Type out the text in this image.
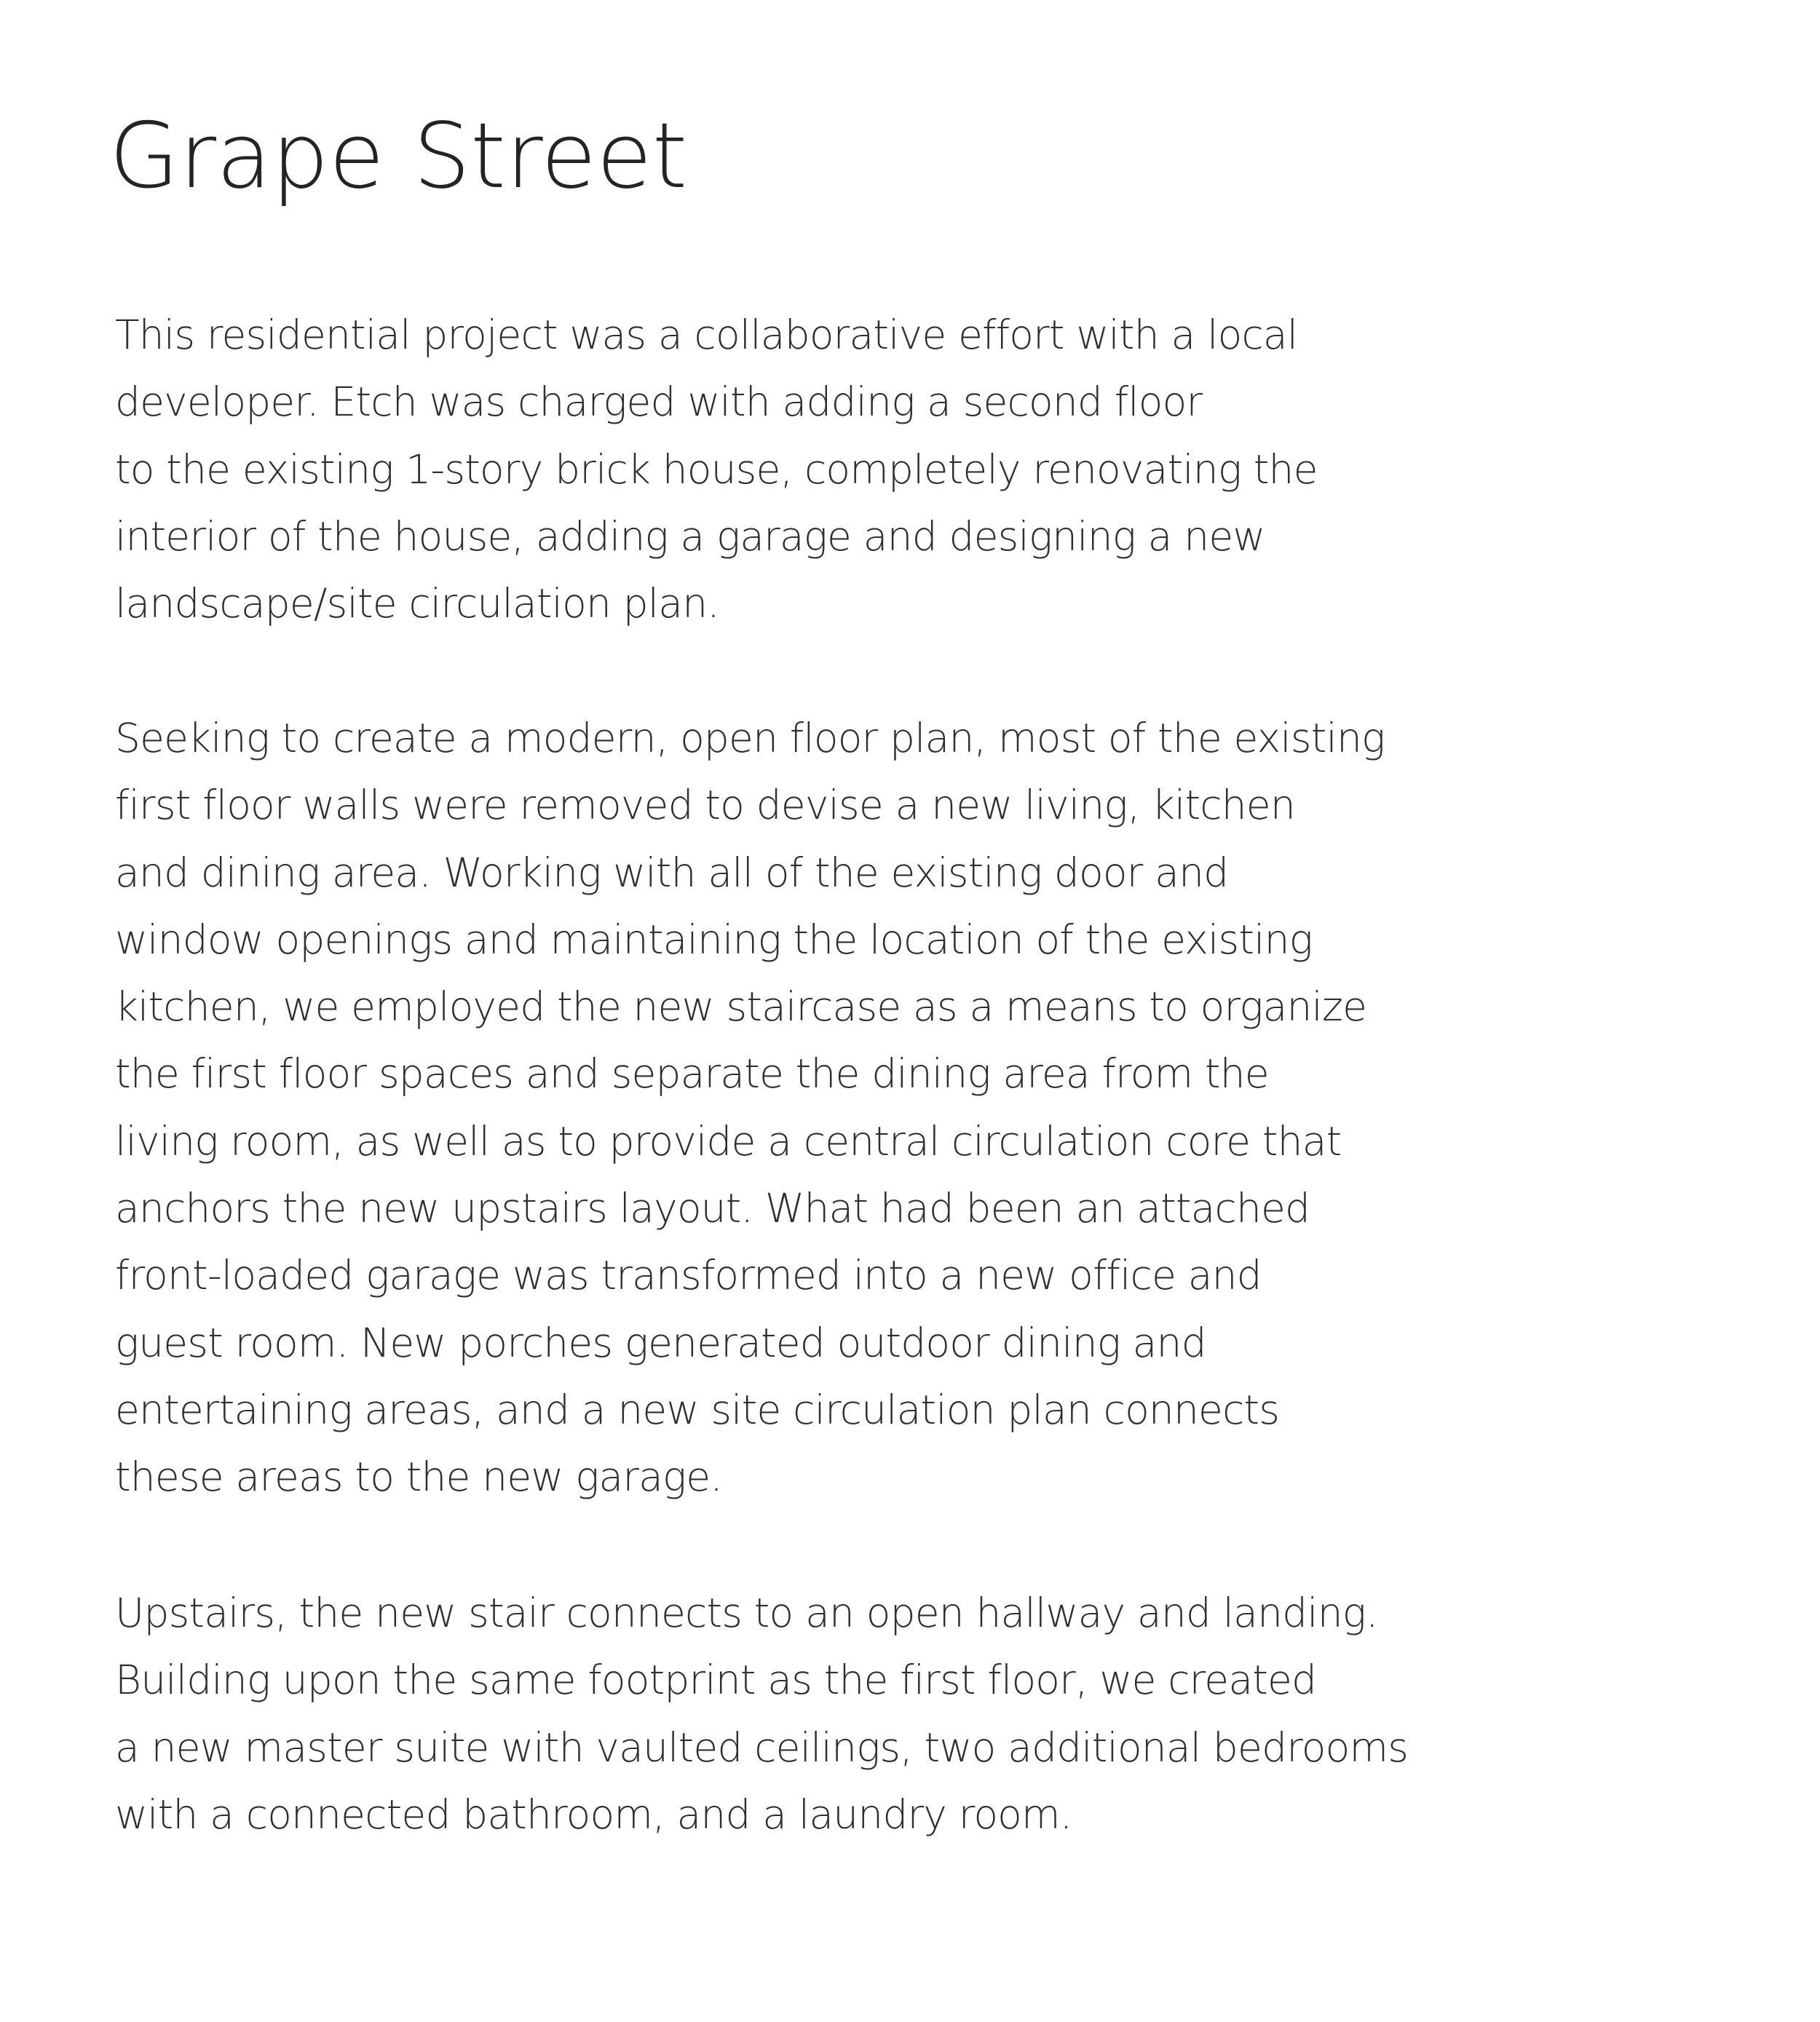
Grape Street
This residential project was a collaborative effort with a local
developer. Etch was charged with adding a second floor
to the existing 1-story brick house, completely renovating the
interior of the house, adding a garage and designing a new
landscape/site circulation plan.
Seeking to create a modern, open floor plan, most of the existing
first floor walls were removed to devise a new living, kitchen
and dining area. Working with all of the existing door and
window openings and maintaining the location of the existing
kitchen, we employed the new staircase as a means to organize
the first floor spaces and separate the dining area from the
living room, as well as to provide a central circulation core that
anchors the new upstairs layout. What had been an attached
front-loaded garage was transformed into a new office and
guest room. New porches generated outdoor dining and
entertaining areas, and a new site circulation plan connects
these areas to the new garage.
Upstairs, the new stair connects to an open hallway and landing.
Building upon the same footprint as the first floor, we created
a new master suite with vaulted ceilings, two additional bedrooms
with a connected bathroom, and a laundry room.
